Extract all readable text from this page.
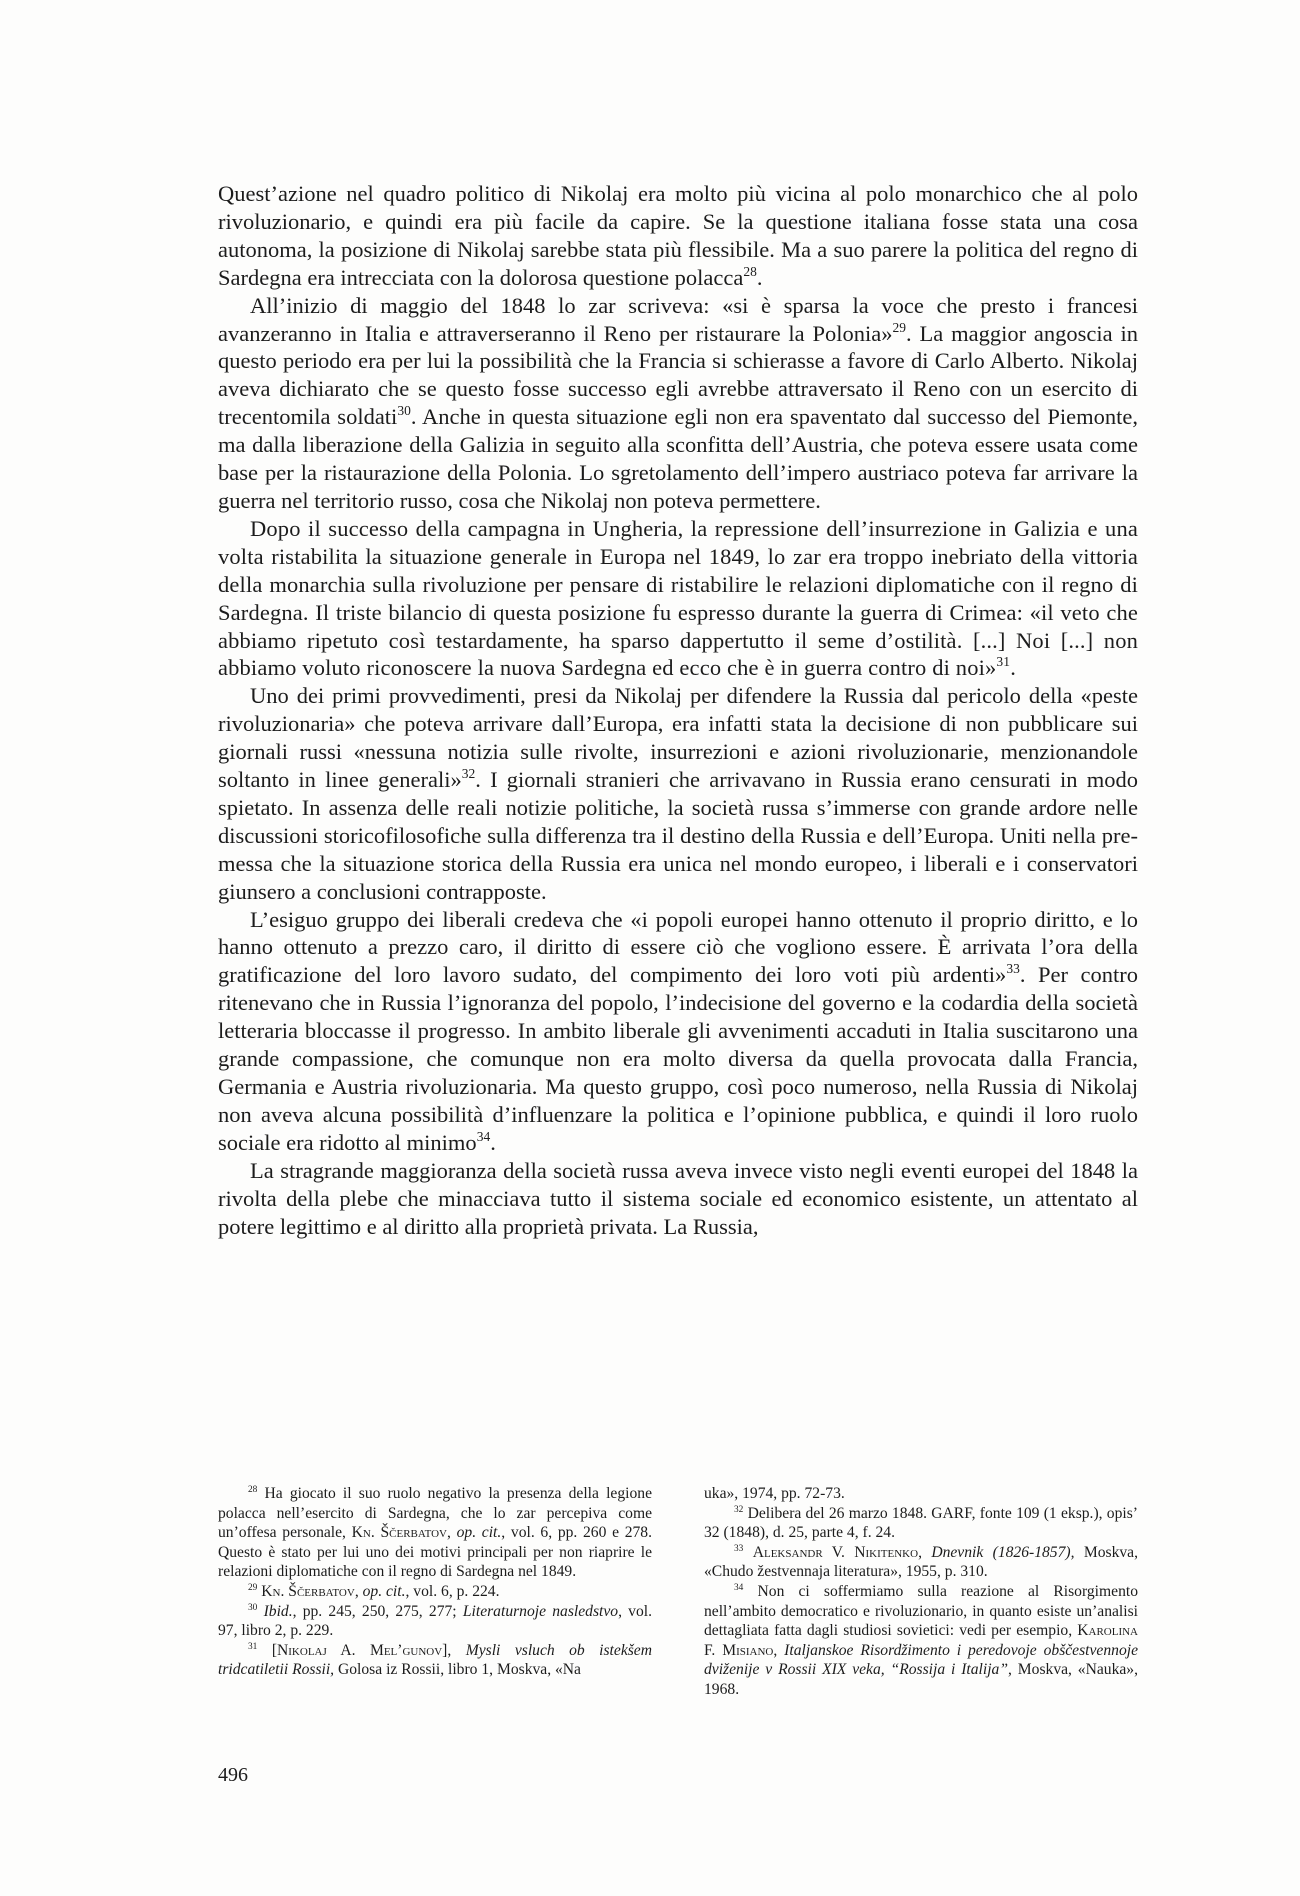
Quest’azione nel quadro politico di Nikolaj era molto più vicina al polo monarchico che al polo rivoluzionario, e quindi era più facile da capire. Se la questione italiana fosse stata una cosa autonoma, la posizione di Nikolaj sarebbe stata più flessibile. Ma a suo parere la politica del regno di Sardegna era intrecciata con la dolorosa questione polacca$^{28}$.

All’inizio di maggio del 1848 lo zar scriveva: «si è sparsa la voce che presto i francesi avanzeranno in Italia e attraverseranno il Reno per ristaurare la Polonia»$^{29}$. La maggior angoscia in questo periodo era per lui la possibilità che la Francia si schierasse a favore di Carlo Alberto. Nikolaj aveva dichiarato che se questo fosse successo egli avrebbe attraversato il Reno con un esercito di trecentomila soldati$^{30}$. Anche in questa situazione egli non era spaventato dal successo del Piemonte, ma dalla liberazione della Galizia in seguito alla sconfitta dell’Austria, che poteva essere usata come base per la ristaurazione della Polonia. Lo sgretolamento dell’impero austriaco poteva far arrivare la guerra nel territorio russo, cosa che Nikolaj non poteva permettere.

Dopo il successo della campagna in Ungheria, la repressione dell’insurrezione in Galizia e una volta ristabilita la situazione generale in Europa nel 1849, lo zar era troppo inebriato della vittoria della monarchia sulla rivoluzione per pensare di ristabilire le relazioni diplomatiche con il regno di Sardegna. Il triste bilancio di questa posizione fu espresso durante la guerra di Crimea: «il veto che abbiamo ripetuto così testardamente, ha sparso dappertutto il seme d’ostilità. [...] Noi [...] non abbiamo voluto riconoscere la nuova Sardegna ed ecco che è in guerra contro di noi»$^{31}$.

Uno dei primi provvedimenti, presi da Nikolaj per difendere la Russia dal pericolo della «peste rivoluzionaria» che poteva arrivare dall’Europa, era infatti stata la decisione di non pubblicare sui giornali russi «nessuna notizia sulle rivolte, insurrezioni e azioni rivoluzionarie, menzionandole soltanto in linee generali»$^{32}$. I giornali stranieri che arrivavano in Russia erano censurati in modo spietato. In assenza delle reali notizie politiche, la società russa s’immerse con grande ardore nelle discussioni storicofilosofiche sulla differenza tra il destino della Russia e dell’Europa. Uniti nella premessa che la situazione storica della Russia era unica nel mondo europeo, i liberali e i conservatori giunsero a conclusioni contrapposte.

L’esiguo gruppo dei liberali credeva che «i popoli europei hanno ottenuto il proprio diritto, e lo hanno ottenuto a prezzo caro, il diritto di essere ciò che vogliono essere. È arrivata l’ora della gratificazione del loro lavoro sudato, del compimento dei loro voti più ardenti»$^{33}$. Per contro ritenevano che in Russia l’ignoranza del popolo, l’indecisione del governo e la codardia della società letteraria bloccasse il progresso. In ambito liberale gli avvenimenti accaduti in Italia suscitarono una grande compassione, che comunque non era molto diversa da quella provocata dalla Francia, Germania e Austria rivoluzionaria. Ma questo gruppo, così poco numeroso, nella Russia di Nikolaj non aveva alcuna possibilità d’influenzare la politica e l’opinione pubblica, e quindi il loro ruolo sociale era ridotto al minimo$^{34}$.

La stragrande maggioranza della società russa aveva invece visto negli eventi europei del 1848 la rivolta della plebe che minacciava tutto il sistema sociale ed economico esistente, un attentato al potere legittimo e al diritto alla proprietà privata. La Russia,

$^{28}$ Ha giocato il suo ruolo negativo la presenza della legione polacca nell’esercito di Sardegna, che lo zar percepiva come un’offesa personale, Kn. Ščerbatov, op. cit., vol. 6, pp. 260 e 278. Questo è stato per lui uno dei motivi principali per non riaprire le relazioni diplomatiche con il regno di Sardegna nel 1849.

$^{29}$ Kn. Ščerbatov, op. cit., vol. 6, p. 224.

$^{30}$ Ibid., pp. 245, 250, 275, 277; Literaturnoje nasledstvo, vol. 97, libro 2, p. 229.

$^{31}$ [Nikolaj A. Mel’gunov], Mysli vsluch ob istekšem tridcatiletii Rossii, Golosa iz Rossii, libro 1, Moskva, «Na

uka», 1974, pp. 72-73.

$^{32}$ Delibera del 26 marzo 1848. GARF, fonte 109 (1 eksp.), opis’ 32 (1848), d. 25, parte 4, f. 24.

$^{33}$ Aleksandr V. Nikitenko, Dnevnik (1826-1857), Moskva, «Chudo žestvennaja literatura», 1955, p. 310.

$^{34}$ Non ci soffermiamo sulla reazione al Risorgimento nell’ambito democratico e rivoluzionario, in quanto esiste un’analisi dettagliata fatta dagli studiosi sovietici: vedi per esempio, Karolina F. Misiano, Italjanskoe Risordžimento i peredovoje obščestvennoje dviženije v Rossii XIX veka, “Rossija i Italija”, Moskva, «Nauka», 1968.

496
